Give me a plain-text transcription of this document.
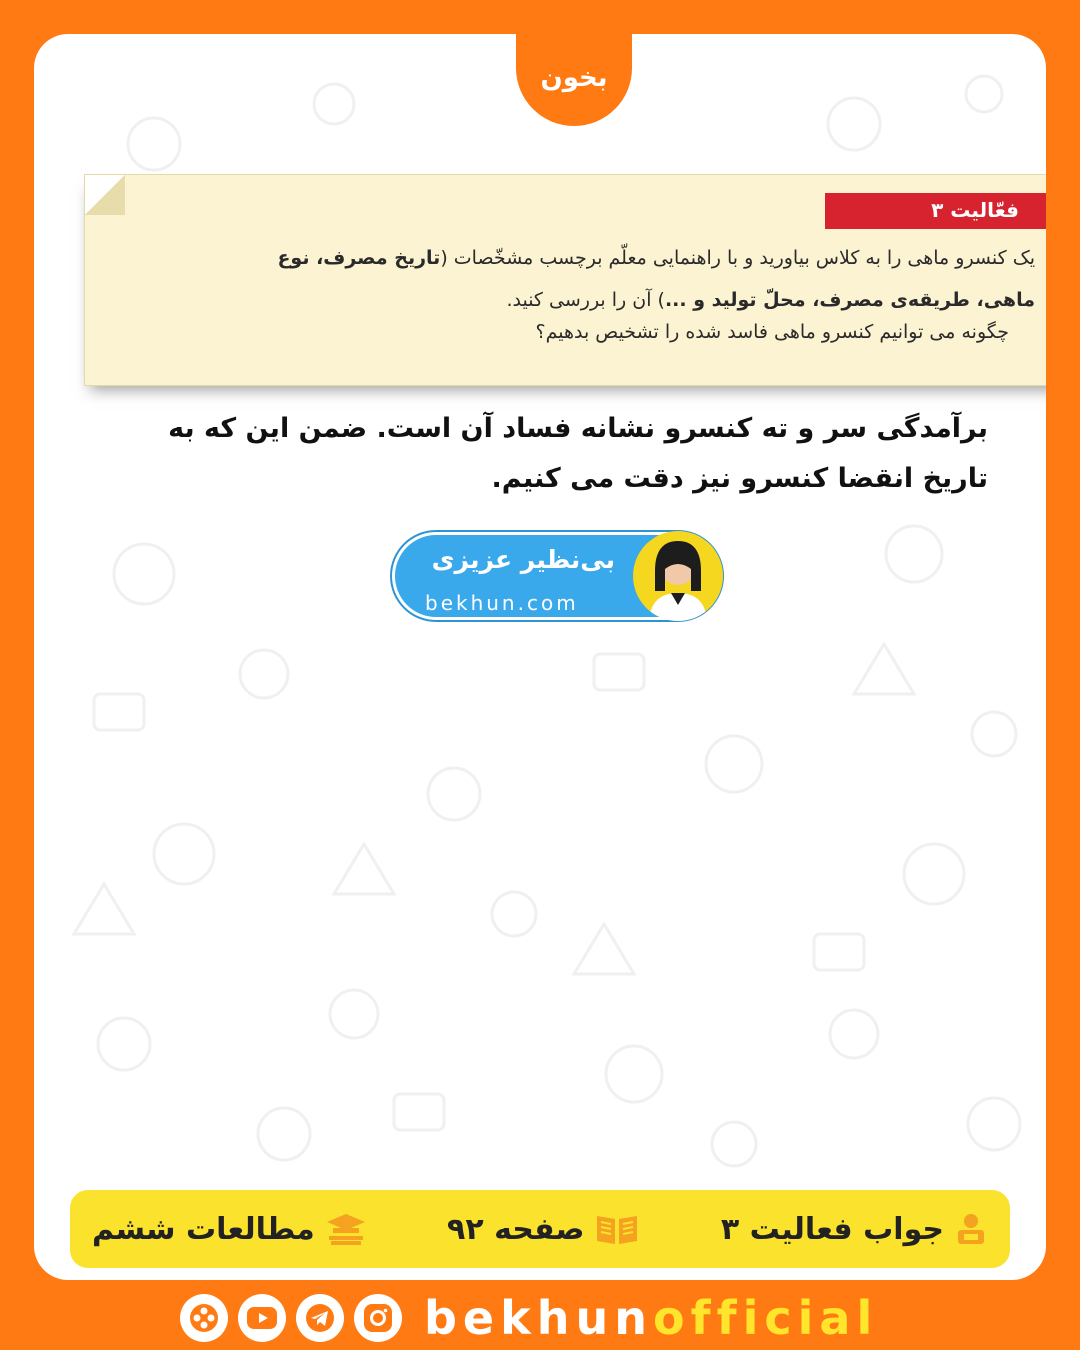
بخون
فعّالیت ۳
یک کنسرو ماهی را به کلاس بیاورید و با راهنمایی معلّم برچسب مشخّصات (تاریخ مصرف، نوع
ماهی، طریقه‌ی مصرف، محلّ تولید و ...) آن را بررسی کنید.
چگونه می توانیم کنسرو ماهی فاسد شده را تشخیص بدهیم؟
برآمدگی سر و ته کنسرو نشانه فساد آن است. ضمن این که به تاریخ انقضا کنسرو نیز دقت می کنیم.
بی‌نظیر عزیزی
bekhun.com
جواب فعالیت ۳
صفحه ۹۲
مطالعات ششم
bekhunofficial
